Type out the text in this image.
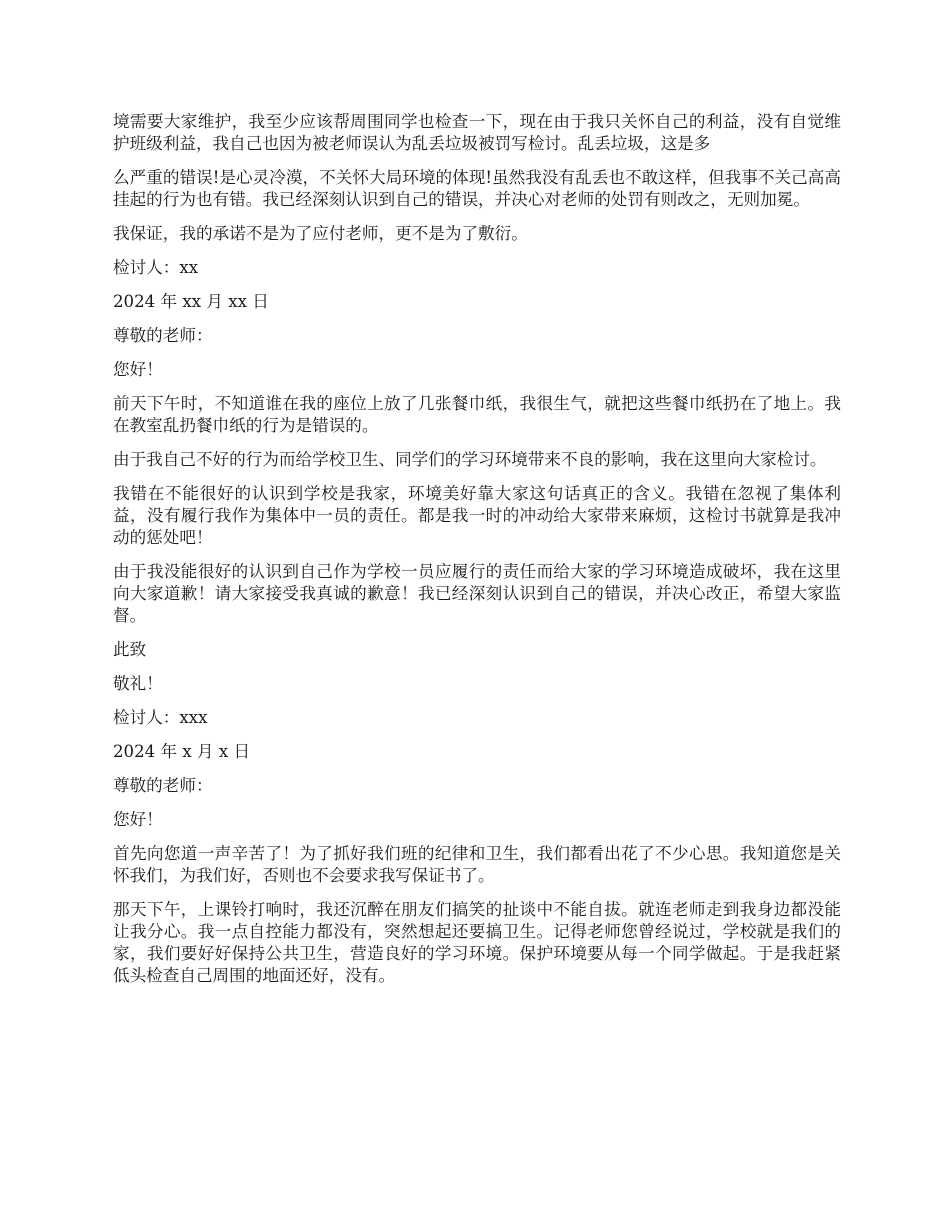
境需要大家维护，我至少应该帮周围同学也检查一下，现在由于我只关怀自己的利益，没有自觉维护班级利益，我自己也因为被老师误认为乱丢垃圾被罚写检讨。乱丢垃圾，这是多

么严重的错误!是心灵冷漠，不关怀大局环境的体现!虽然我没有乱丢也不敢这样，但我事不关己高高挂起的行为也有错。我已经深刻认识到自己的错误，并决心对老师的处罚有则改之，无则加冕。

我保证，我的承诺不是为了应付老师，更不是为了敷衍。

检讨人：xx

2024 年 xx 月 xx 日

尊敬的老师：

您好！

前天下午时，不知道谁在我的座位上放了几张餐巾纸，我很生气，就把这些餐巾纸扔在了地上。我在教室乱扔餐巾纸的行为是错误的。

由于我自己不好的行为而给学校卫生、同学们的学习环境带来不良的影响，我在这里向大家检讨。

我错在不能很好的认识到学校是我家，环境美好靠大家这句话真正的含义。我错在忽视了集体利益，没有履行我作为集体中一员的责任。都是我一时的冲动给大家带来麻烦，这检讨书就算是我冲动的惩处吧！

由于我没能很好的认识到自己作为学校一员应履行的责任而给大家的学习环境造成破坏，我在这里向大家道歉！请大家接受我真诚的歉意！我已经深刻认识到自己的错误，并决心改正，希望大家监督。

此致

敬礼！

检讨人：xxx

2024 年 x 月 x 日

尊敬的老师：

您好！

首先向您道一声辛苦了！为了抓好我们班的纪律和卫生，我们都看出花了不少心思。我知道您是关怀我们，为我们好，否则也不会要求我写保证书了。

那天下午，上课铃打响时，我还沉醉在朋友们搞笑的扯谈中不能自拔。就连老师走到我身边都没能让我分心。我一点自控能力都没有，突然想起还要搞卫生。记得老师您曾经说过，学校就是我们的家，我们要好好保持公共卫生，营造良好的学习环境。保护环境要从每一个同学做起。于是我赶紧低头检查自己周围的地面还好，没有。
